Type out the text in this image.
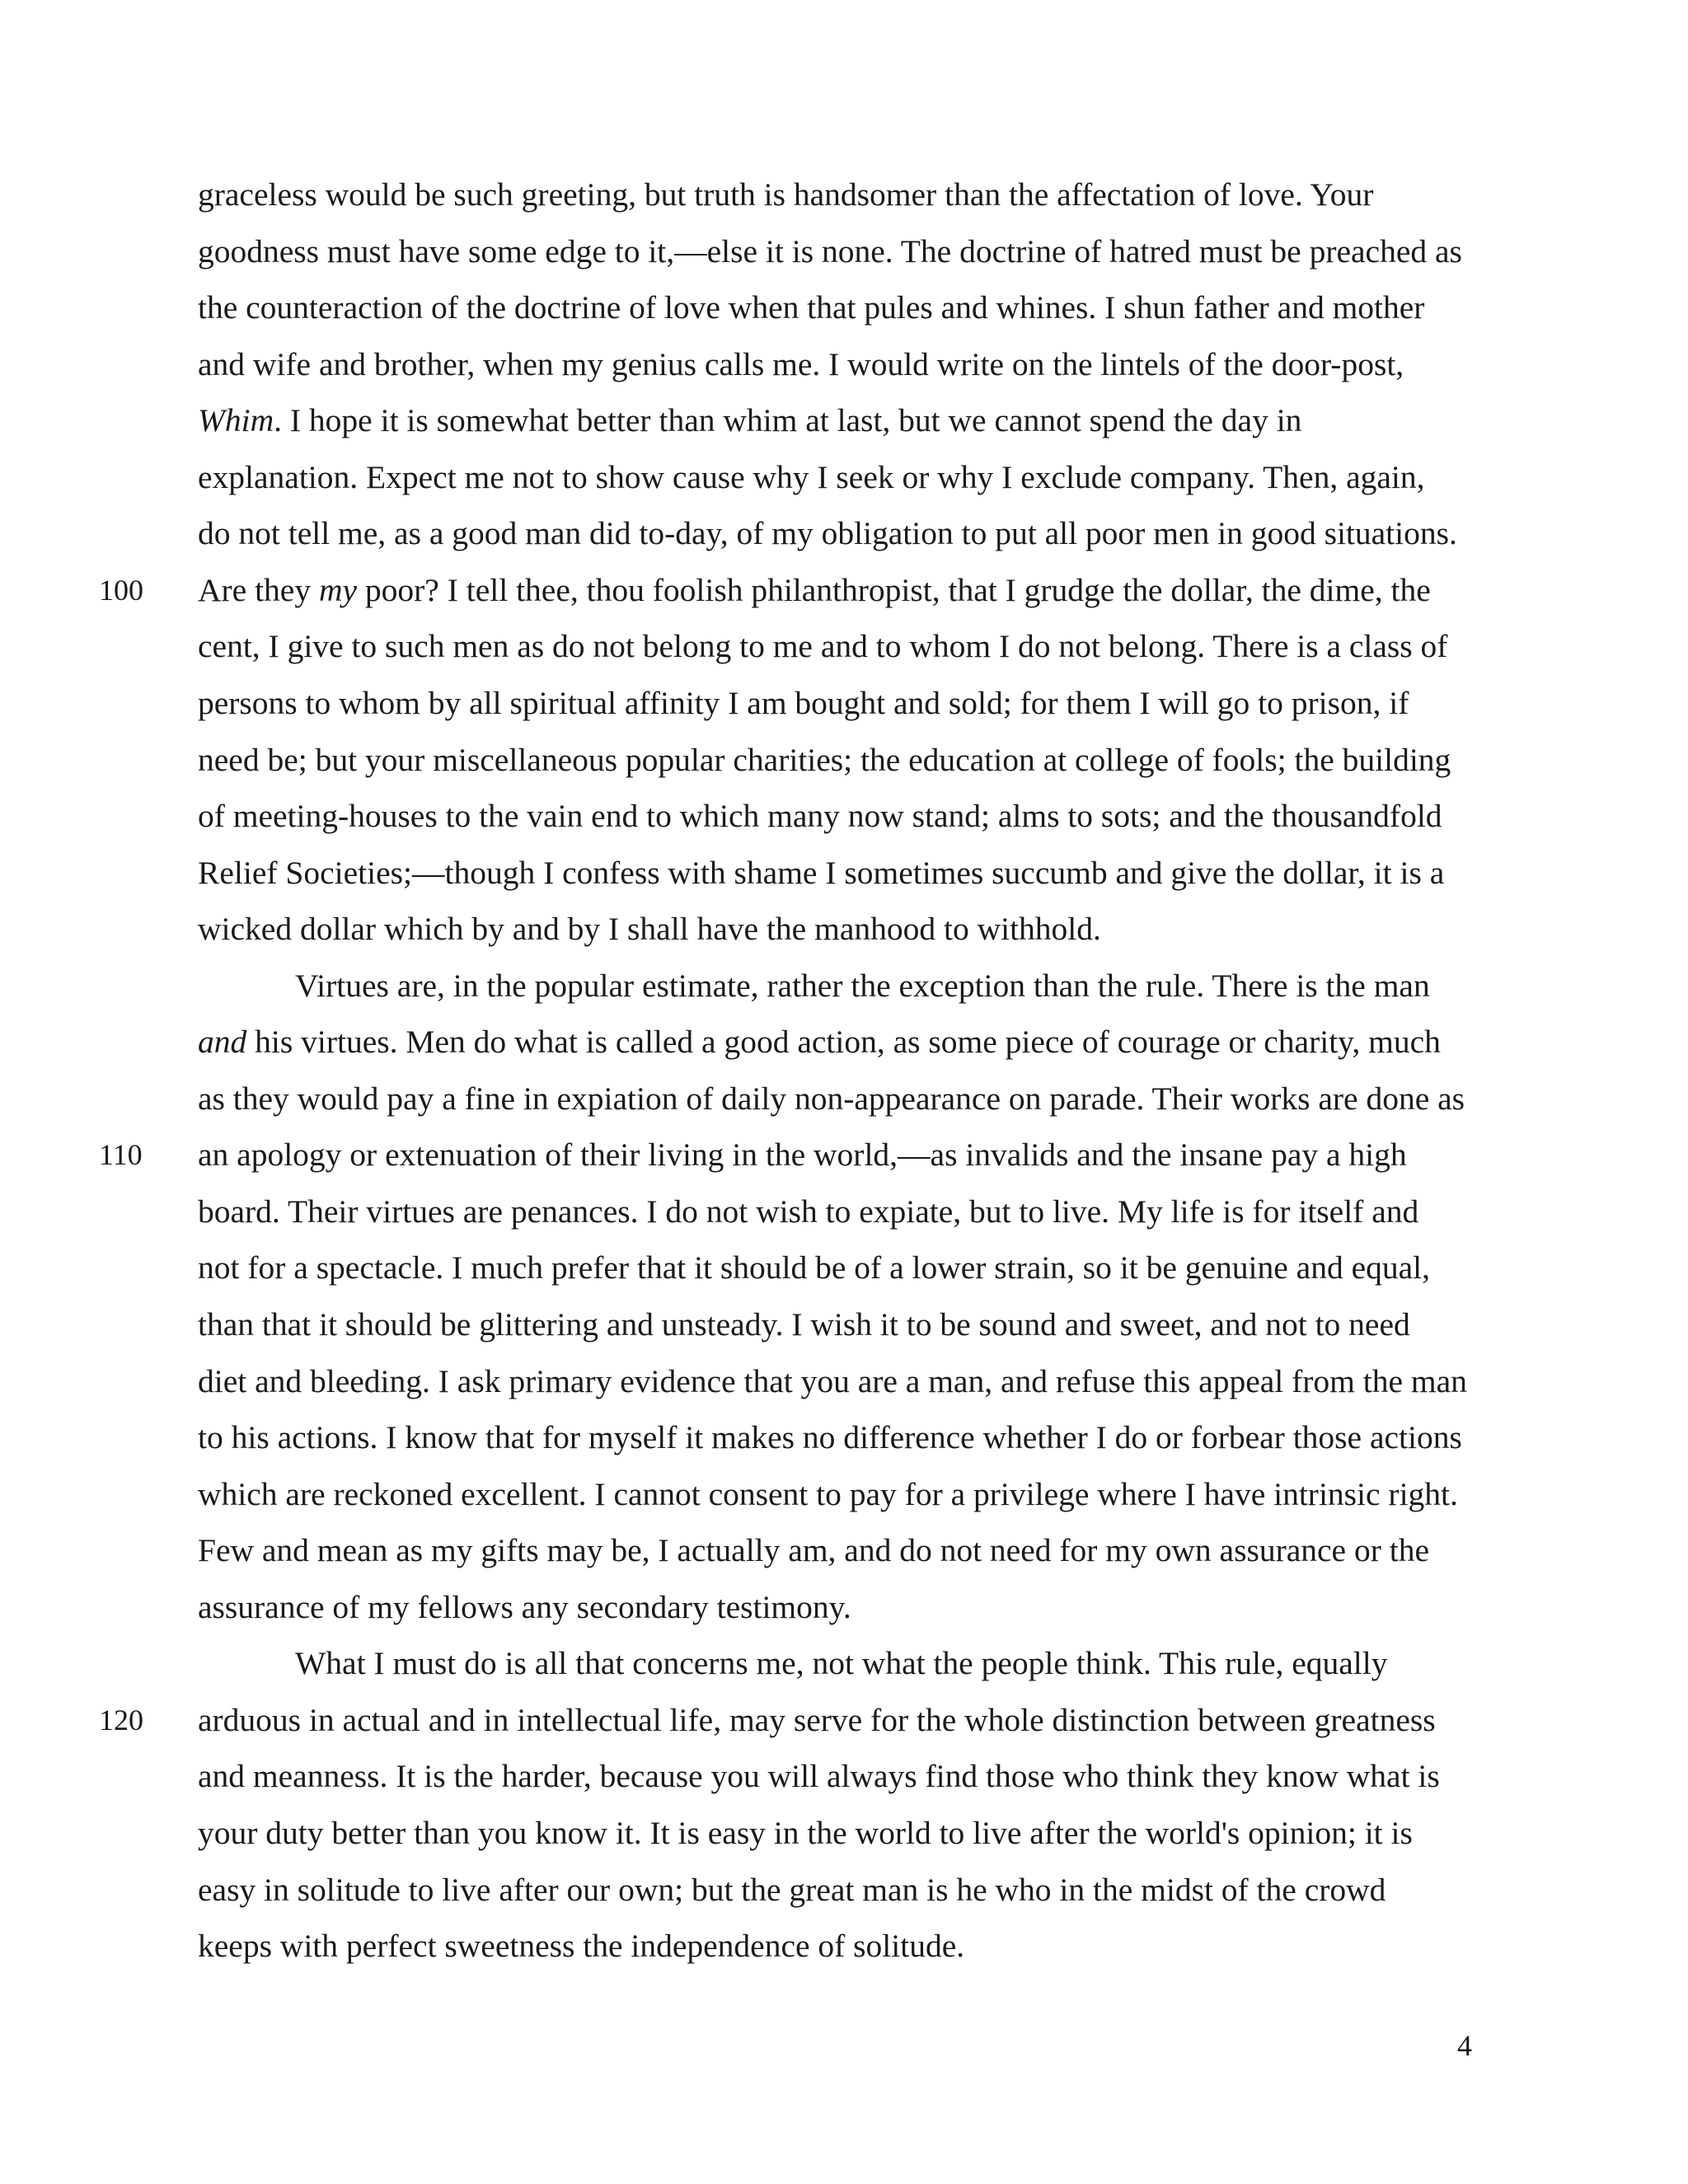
graceless would be such greeting, but truth is handsomer than the affectation of love. Your
goodness must have some edge to it,—else it is none. The doctrine of hatred must be preached as
the counteraction of the doctrine of love when that pules and whines. I shun father and mother
and wife and brother, when my genius calls me. I would write on the lintels of the door-post,
Whim. I hope it is somewhat better than whim at last, but we cannot spend the day in
explanation. Expect me not to show cause why I seek or why I exclude company. Then, again,
do not tell me, as a good man did to-day, of my obligation to put all poor men in good situations.
Are they my poor? I tell thee, thou foolish philanthropist, that I grudge the dollar, the dime, the
cent, I give to such men as do not belong to me and to whom I do not belong. There is a class of
persons to whom by all spiritual affinity I am bought and sold; for them I will go to prison, if
need be; but your miscellaneous popular charities; the education at college of fools; the building
of meeting-houses to the vain end to which many now stand; alms to sots; and the thousandfold
Relief Societies;—though I confess with shame I sometimes succumb and give the dollar, it is a
wicked dollar which by and by I shall have the manhood to withhold.
Virtues are, in the popular estimate, rather the exception than the rule. There is the man
and his virtues. Men do what is called a good action, as some piece of courage or charity, much
as they would pay a fine in expiation of daily non-appearance on parade. Their works are done as
an apology or extenuation of their living in the world,—as invalids and the insane pay a high
board. Their virtues are penances. I do not wish to expiate, but to live. My life is for itself and
not for a spectacle. I much prefer that it should be of a lower strain, so it be genuine and equal,
than that it should be glittering and unsteady. I wish it to be sound and sweet, and not to need
diet and bleeding. I ask primary evidence that you are a man, and refuse this appeal from the man
to his actions. I know that for myself it makes no difference whether I do or forbear those actions
which are reckoned excellent. I cannot consent to pay for a privilege where I have intrinsic right.
Few and mean as my gifts may be, I actually am, and do not need for my own assurance or the
assurance of my fellows any secondary testimony.
What I must do is all that concerns me, not what the people think. This rule, equally
arduous in actual and in intellectual life, may serve for the whole distinction between greatness
and meanness. It is the harder, because you will always find those who think they know what is
your duty better than you know it. It is easy in the world to live after the world's opinion; it is
easy in solitude to live after our own; but the great man is he who in the midst of the crowd
keeps with perfect sweetness the independence of solitude.
100
110
120
4
